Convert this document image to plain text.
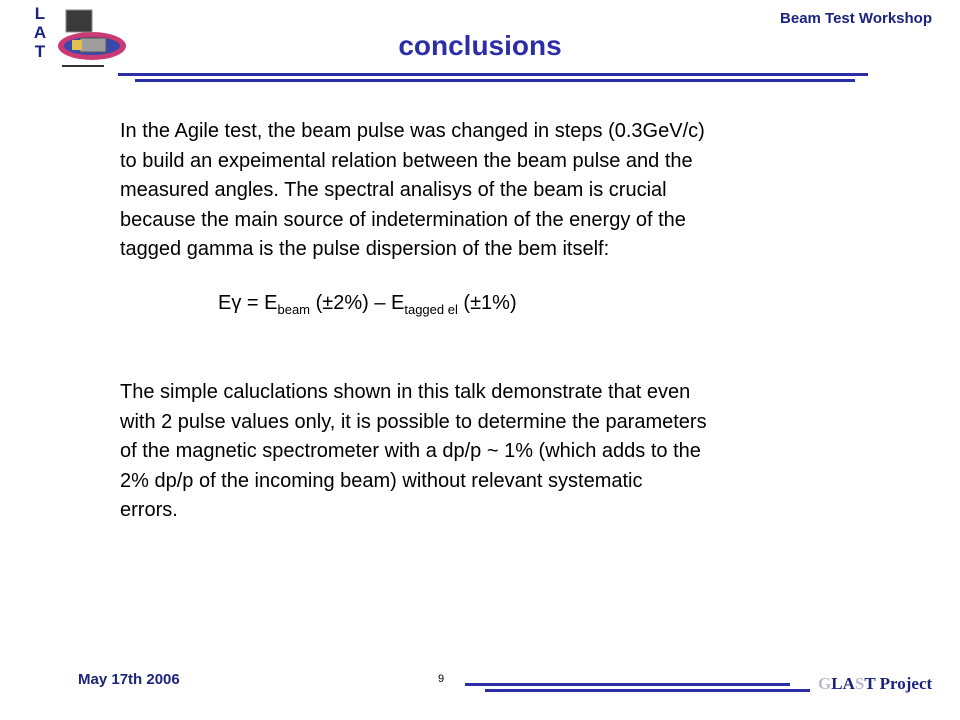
L
A
T
Beam Test Workshop
conclusions
In the Agile test, the beam pulse was changed in steps (0.3GeV/c)
to build an expeimental relation between the beam pulse and the
measured angles. The spectral analisys of the beam is crucial
because the main source of indetermination of the energy of the
tagged gamma is the pulse dispersion of the bem itself:
$E\gamma = E_{beam}$ $(\pm 2\%) - E_{tagged el}$ (±1%)
The simple caluclations shown in this talk demonstrate that even
with 2 pulse values only, it is possible to determine the parameters
of the magnetic spectrometer with a dp/p ~ 1% (which adds to the
2% dp/p of the incoming beam) without relevant systematic
errors.
May 17th 2006	9	GLAST Project
